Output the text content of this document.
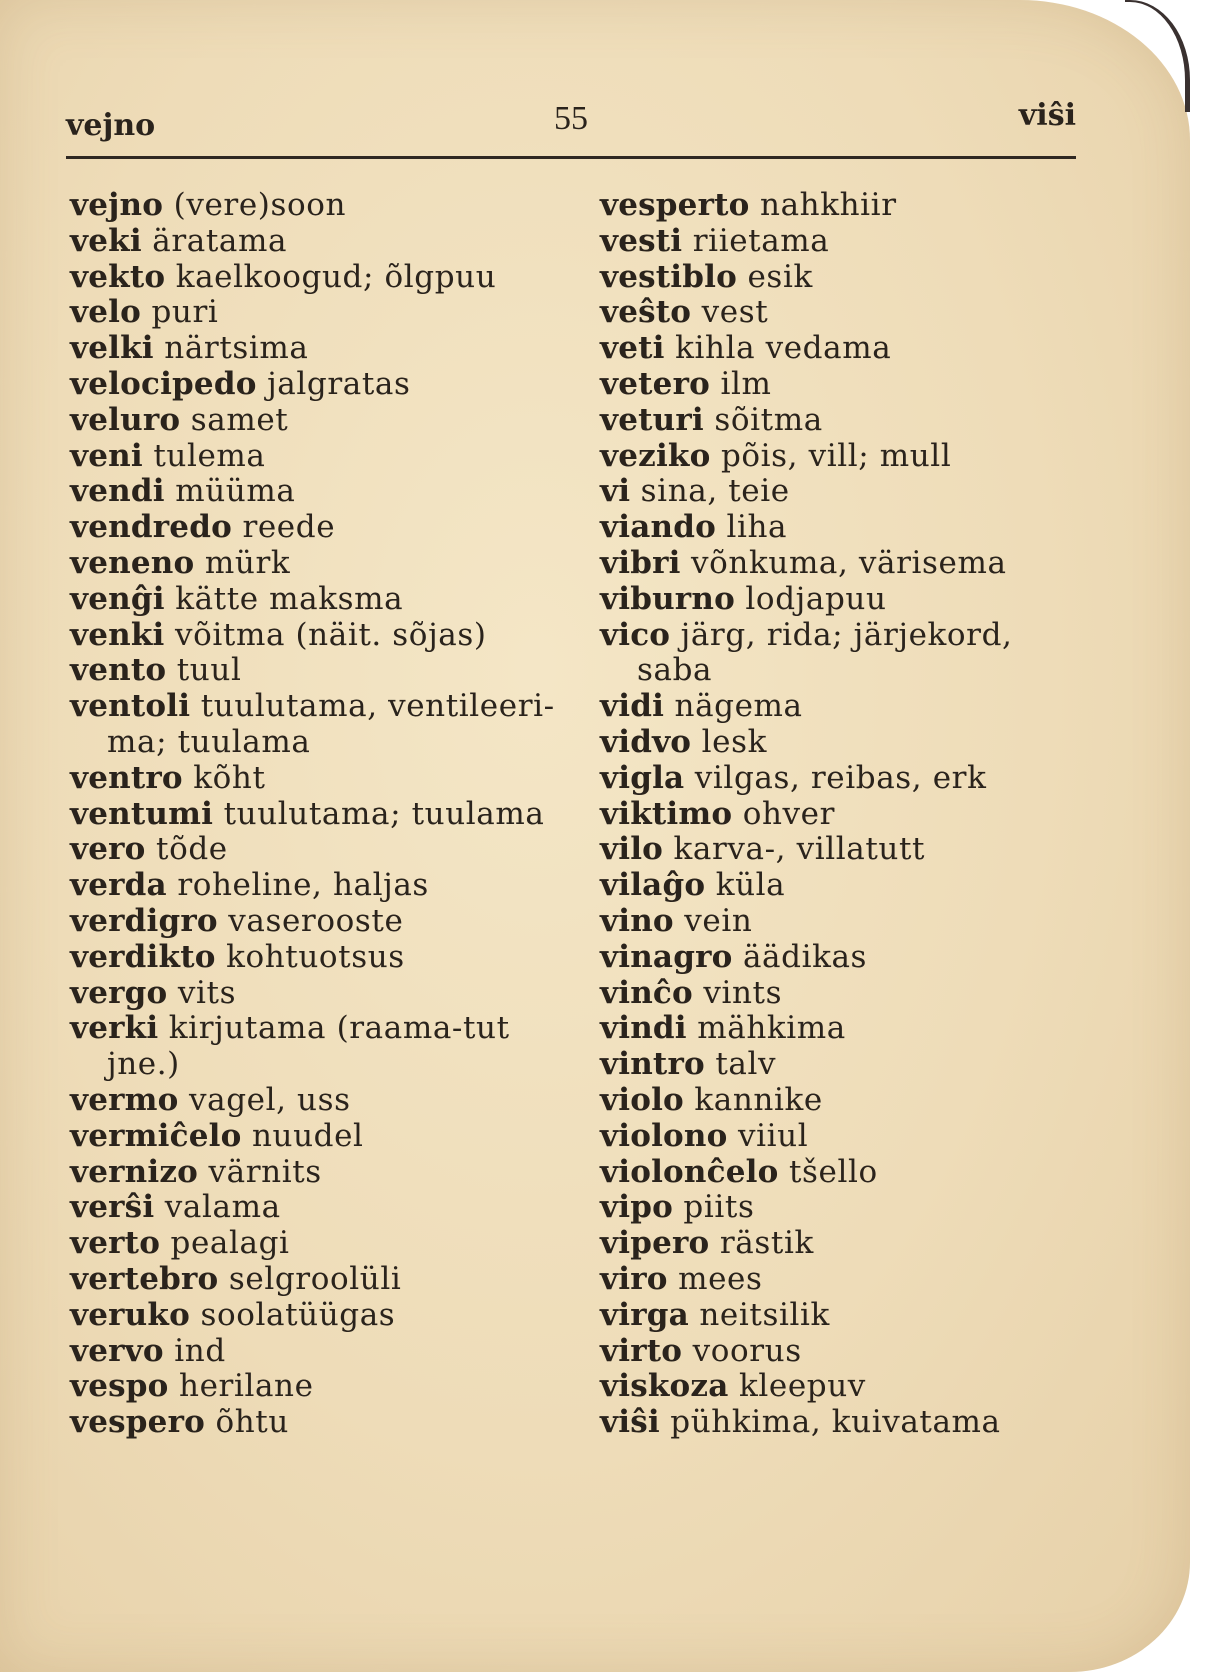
vejno	55	viŝi
vejno (vere)soon
veki äratama
vekto kaelkoogud; õlgpuu
velo puri
velki närtsima
velocipedo jalgratas
veluro samet
veni tulema
vendi müüma
vendredo reede
veneno mürk
venĝi kätte maksma
venki võitma (näit. sõjas)
vento tuul
ventoli tuulutama, ventileeri-ma; tuulama
ventro kõht
ventumi tuulutama; tuulama
vero tõde
verda roheline, haljas
verdigro vaserooste
verdikto kohtuotsus
vergo vits
verki kirjutama (raama-tut jne.)
vermo vagel, uss
vermiĉelo nuudel
vernizo värnits
verŝi valama
verto pealagi
vertebro selgroolüli
veruko soolatüügas
vervo ind
vespo herilane
vespero õhtu
vesperto nahkhiir
vesti riietama
vestiblo esik
veŝto vest
veti kihla vedama
vetero ilm
veturi sõitma
veziko põis, vill; mull
vi sina, teie
viando liha
vibri võnkuma, värisema
viburno lodjapuu
vico järg, rida; järjekord, saba
vidi nägema
vidvo lesk
vigla vilgas, reibas, erk
viktimo ohver
vilo karva-, villatutt
vilaĝo küla
vino vein
vinagro äädikas
vinĉo vints
vindi mähkima
vintro talv
violo kannike
violono viiul
violonĉelo tšello
vipo piits
vipero rästik
viro mees
virga neitsilik
virto voorus
viskoza kleepuv
viŝi pühkima, kuivatama
